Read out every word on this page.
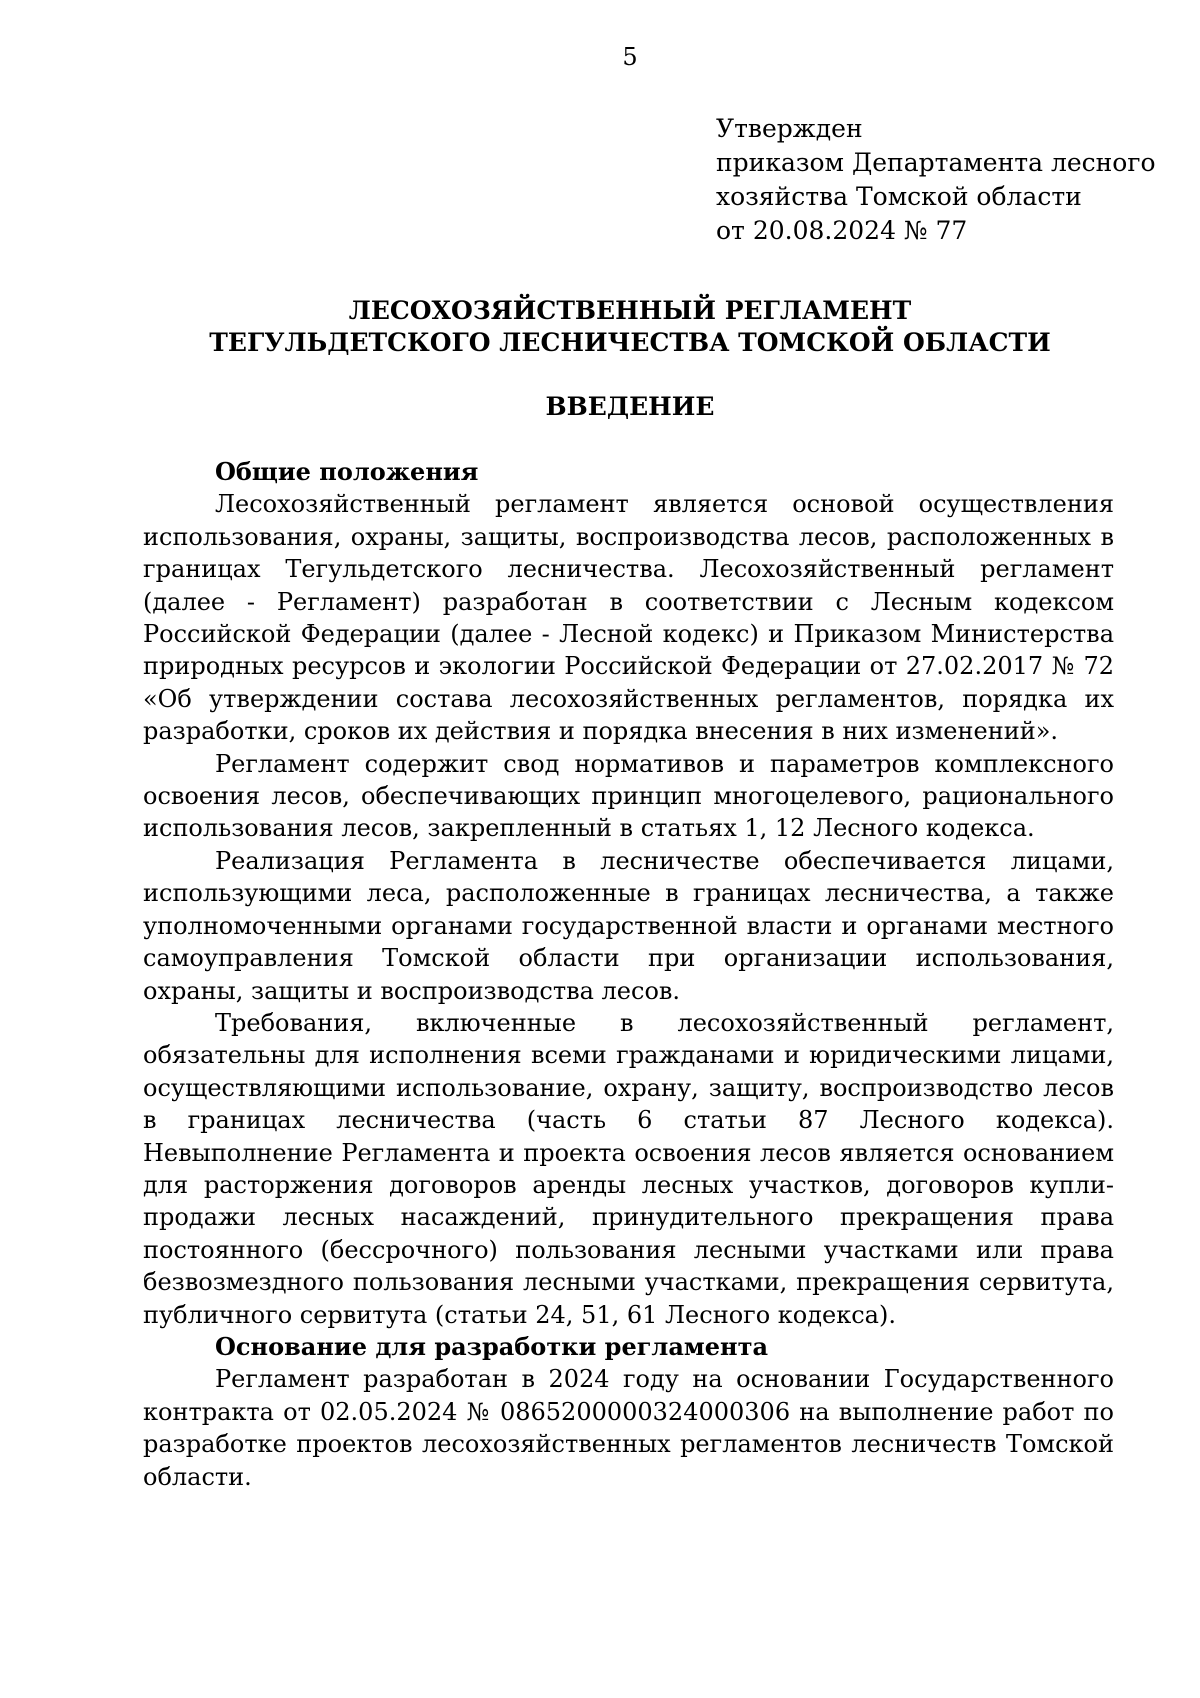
5
Утвержден
приказом Департамента лесного
хозяйства Томской области
от 20.08.2024 № 77
ЛЕСОХОЗЯЙСТВЕННЫЙ РЕГЛАМЕНТ
ТЕГУЛЬДЕТСКОГО ЛЕСНИЧЕСТВА ТОМСКОЙ ОБЛАСТИ
ВВЕДЕНИЕ

Общие положения

Лесохозяйственный регламент является основой осуществления использования, охраны, защиты, воспроизводства лесов, расположенных в границах Тегульдетского лесничества. Лесохозяйственный регламент (далее - Регламент) разработан в соответствии с Лесным кодексом Российской Федерации (далее - Лесной кодекс) и Приказом Министерства природных ресурсов и экологии Российской Федерации от 27.02.2017 № 72 «Об утверждении состава лесохозяйственных регламентов, порядка их разработки, сроков их действия и порядка внесения в них изменений».

Регламент содержит свод нормативов и параметров комплексного освоения лесов, обеспечивающих принцип многоцелевого, рационального использования лесов, закрепленный в статьях 1, 12 Лесного кодекса.

Реализация Регламента в лесничестве обеспечивается лицами, использующими леса, расположенные в границах лесничества, а также уполномоченными органами государственной власти и органами местного самоуправления Томской области при организации использования, охраны, защиты и воспроизводства лесов.

Требования, включенные в лесохозяйственный регламент, обязательны для исполнения всеми гражданами и юридическими лицами, осуществляющими использование, охрану, защиту, воспроизводство лесов в границах лесничества (часть 6 статьи 87 Лесного кодекса). Невыполнение Регламента и проекта освоения лесов является основанием для расторжения договоров аренды лесных участков, договоров купли-продажи лесных насаждений, принудительного прекращения права постоянного (бессрочного) пользования лесными участками или права безвозмездного пользования лесными участками, прекращения сервитута, публичного сервитута (статьи 24, 51, 61 Лесного кодекса).

Основание для разработки регламента

Регламент разработан в 2024 году на основании Государственного контракта от 02.05.2024 № 0865200000324000306 на выполнение работ по разработке проектов лесохозяйственных регламентов лесничеств Томской области.
